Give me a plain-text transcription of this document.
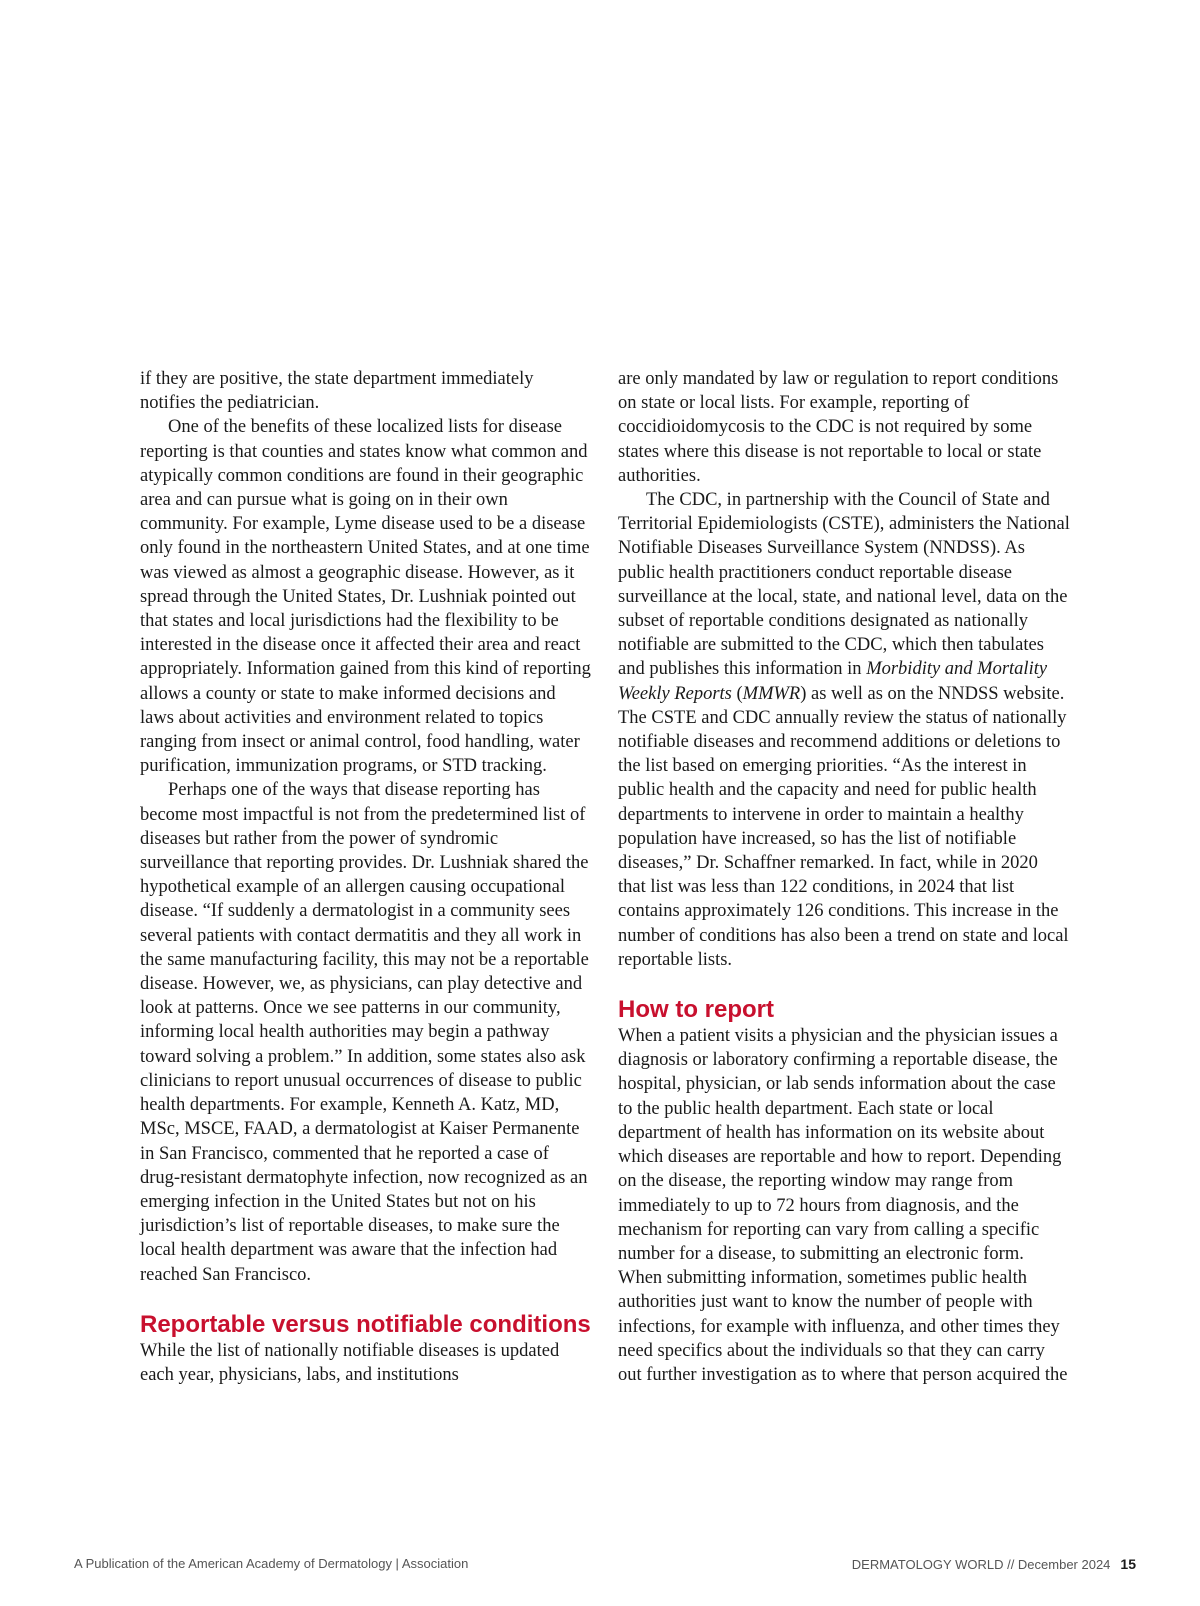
if they are positive, the state department immediately notifies the pediatrician.

One of the benefits of these localized lists for disease reporting is that counties and states know what common and atypically common conditions are found in their geographic area and can pursue what is going on in their own community. For example, Lyme disease used to be a disease only found in the northeastern United States, and at one time was viewed as almost a geographic disease. However, as it spread through the United States, Dr. Lushniak pointed out that states and local jurisdictions had the flexibility to be interested in the disease once it affected their area and react appropriately. Information gained from this kind of reporting allows a county or state to make informed decisions and laws about activities and environment related to topics ranging from insect or animal control, food handling, water purification, immunization programs, or STD tracking.

Perhaps one of the ways that disease reporting has become most impactful is not from the predetermined list of diseases but rather from the power of syndromic surveillance that reporting provides. Dr. Lushniak shared the hypothetical example of an allergen causing occupational disease. “If suddenly a dermatologist in a community sees several patients with contact dermatitis and they all work in the same manufacturing facility, this may not be a reportable disease. However, we, as physicians, can play detective and look at patterns. Once we see patterns in our community, informing local health authorities may begin a pathway toward solving a problem.” In addition, some states also ask clinicians to report unusual occurrences of disease to public health departments. For example, Kenneth A. Katz, MD, MSc, MSCE, FAAD, a dermatologist at Kaiser Permanente in San Francisco, commented that he reported a case of drug-resistant dermatophyte infection, now recognized as an emerging infection in the United States but not on his jurisdiction’s list of reportable diseases, to make sure the local health department was aware that the infection had reached San Francisco.

Reportable versus notifiable conditions

While the list of nationally notifiable diseases is updated each year, physicians, labs, and institutions

are only mandated by law or regulation to report conditions on state or local lists. For example, reporting of coccidioidomycosis to the CDC is not required by some states where this disease is not reportable to local or state authorities.

The CDC, in partnership with the Council of State and Territorial Epidemiologists (CSTE), administers the National Notifiable Diseases Surveillance System (NNDSS). As public health practitioners conduct reportable disease surveillance at the local, state, and national level, data on the subset of reportable conditions designated as nationally notifiable are submitted to the CDC, which then tabulates and publishes this information in Morbidity and Mortality Weekly Reports (MMWR) as well as on the NNDSS website. The CSTE and CDC annually review the status of nationally notifiable diseases and recommend additions or deletions to the list based on emerging priorities. “As the interest in public health and the capacity and need for public health departments to intervene in order to maintain a healthy population have increased, so has the list of notifiable diseases,” Dr. Schaffner remarked. In fact, while in 2020 that list was less than 122 conditions, in 2024 that list contains approximately 126 conditions. This increase in the number of conditions has also been a trend on state and local reportable lists.

How to report

When a patient visits a physician and the physician issues a diagnosis or laboratory confirming a reportable disease, the hospital, physician, or lab sends information about the case to the public health department. Each state or local department of health has information on its website about which diseases are reportable and how to report. Depending on the disease, the reporting window may range from immediately to up to 72 hours from diagnosis, and the mechanism for reporting can vary from calling a specific number for a disease, to submitting an electronic form. When submitting information, sometimes public health authorities just want to know the number of people with infections, for example with influenza, and other times they need specifics about the individuals so that they can carry out further investigation as to where that person acquired the

A Publication of the American Academy of Dermatology | Association	DERMATOLOGY WORLD // December 2024 15
